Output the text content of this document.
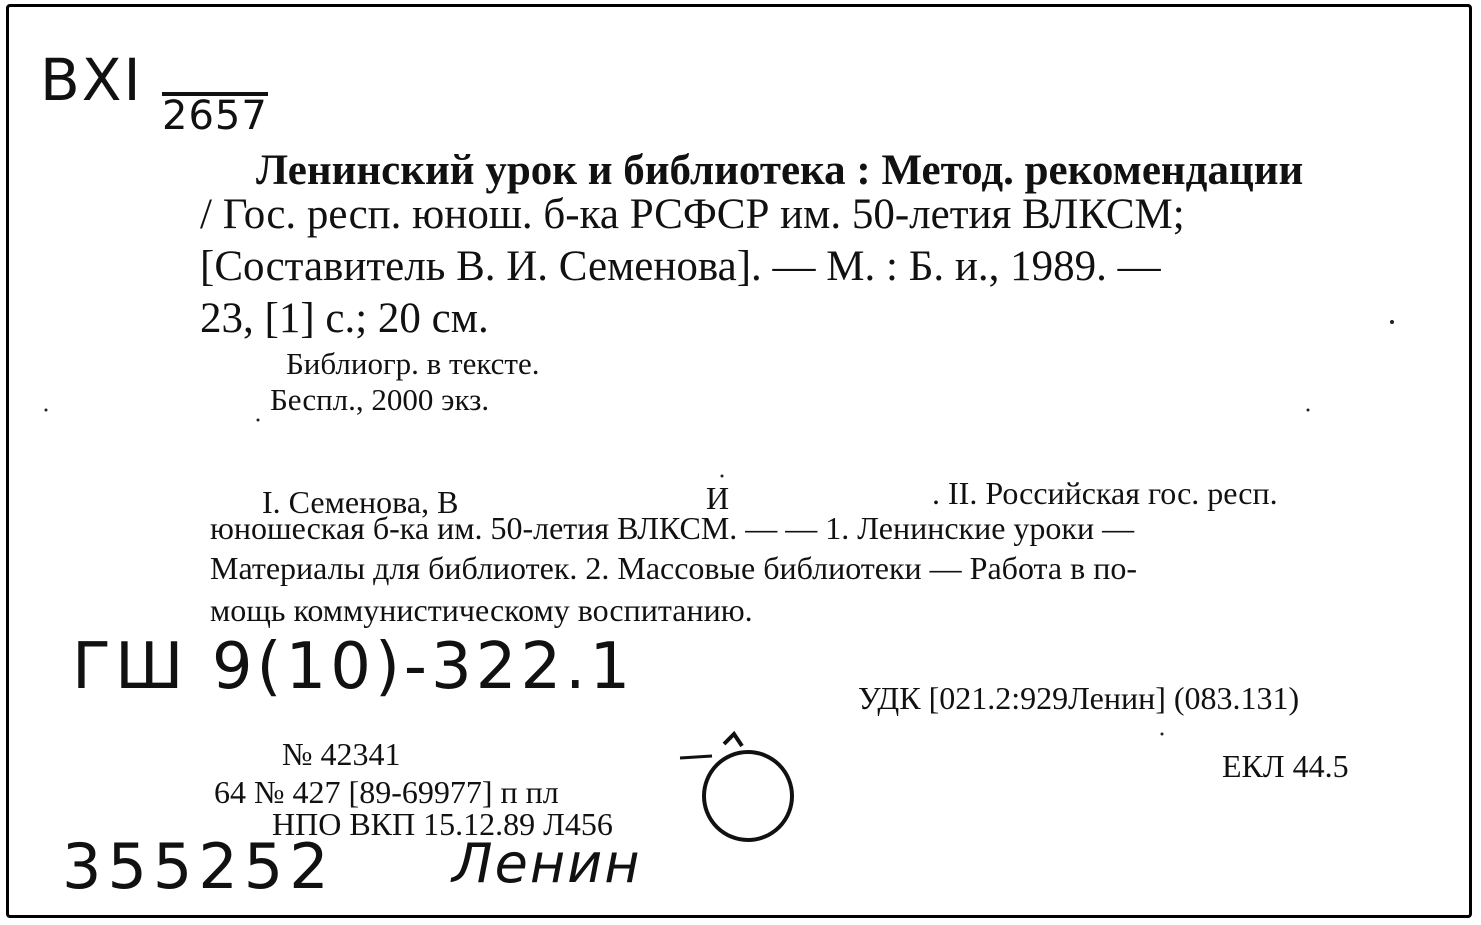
ВХI
2657
Ленинский урок и библиотека : Метод. рекомендации
/ Гос. респ. юнош. б-ка РСФСР им. 50-летия ВЛКСМ;
[Составитель В. И. Семенова]. — М. : Б. и., 1989. —
23, [1] с.; 20 см.
Библиогр. в тексте.
Беспл., 2000 экз.
I. Семенова, В	И	. II. Российская гос. респ.
юношеская б-ка им. 50-летия ВЛКСМ. — — 1. Ленинские уроки —
Материалы для библиотек. 2. Массовые библиотеки — Работа в по-
мощь коммунистическому воспитанию.
ГШ 9(10)-322.1	УДК [021.2:929Ленин] (083.131)
ЕКЛ 44.5
№ 42341
64 № 427 [89-69977] п пл
НПО ВКП 15.12.89 Л456
355252 Ленин
